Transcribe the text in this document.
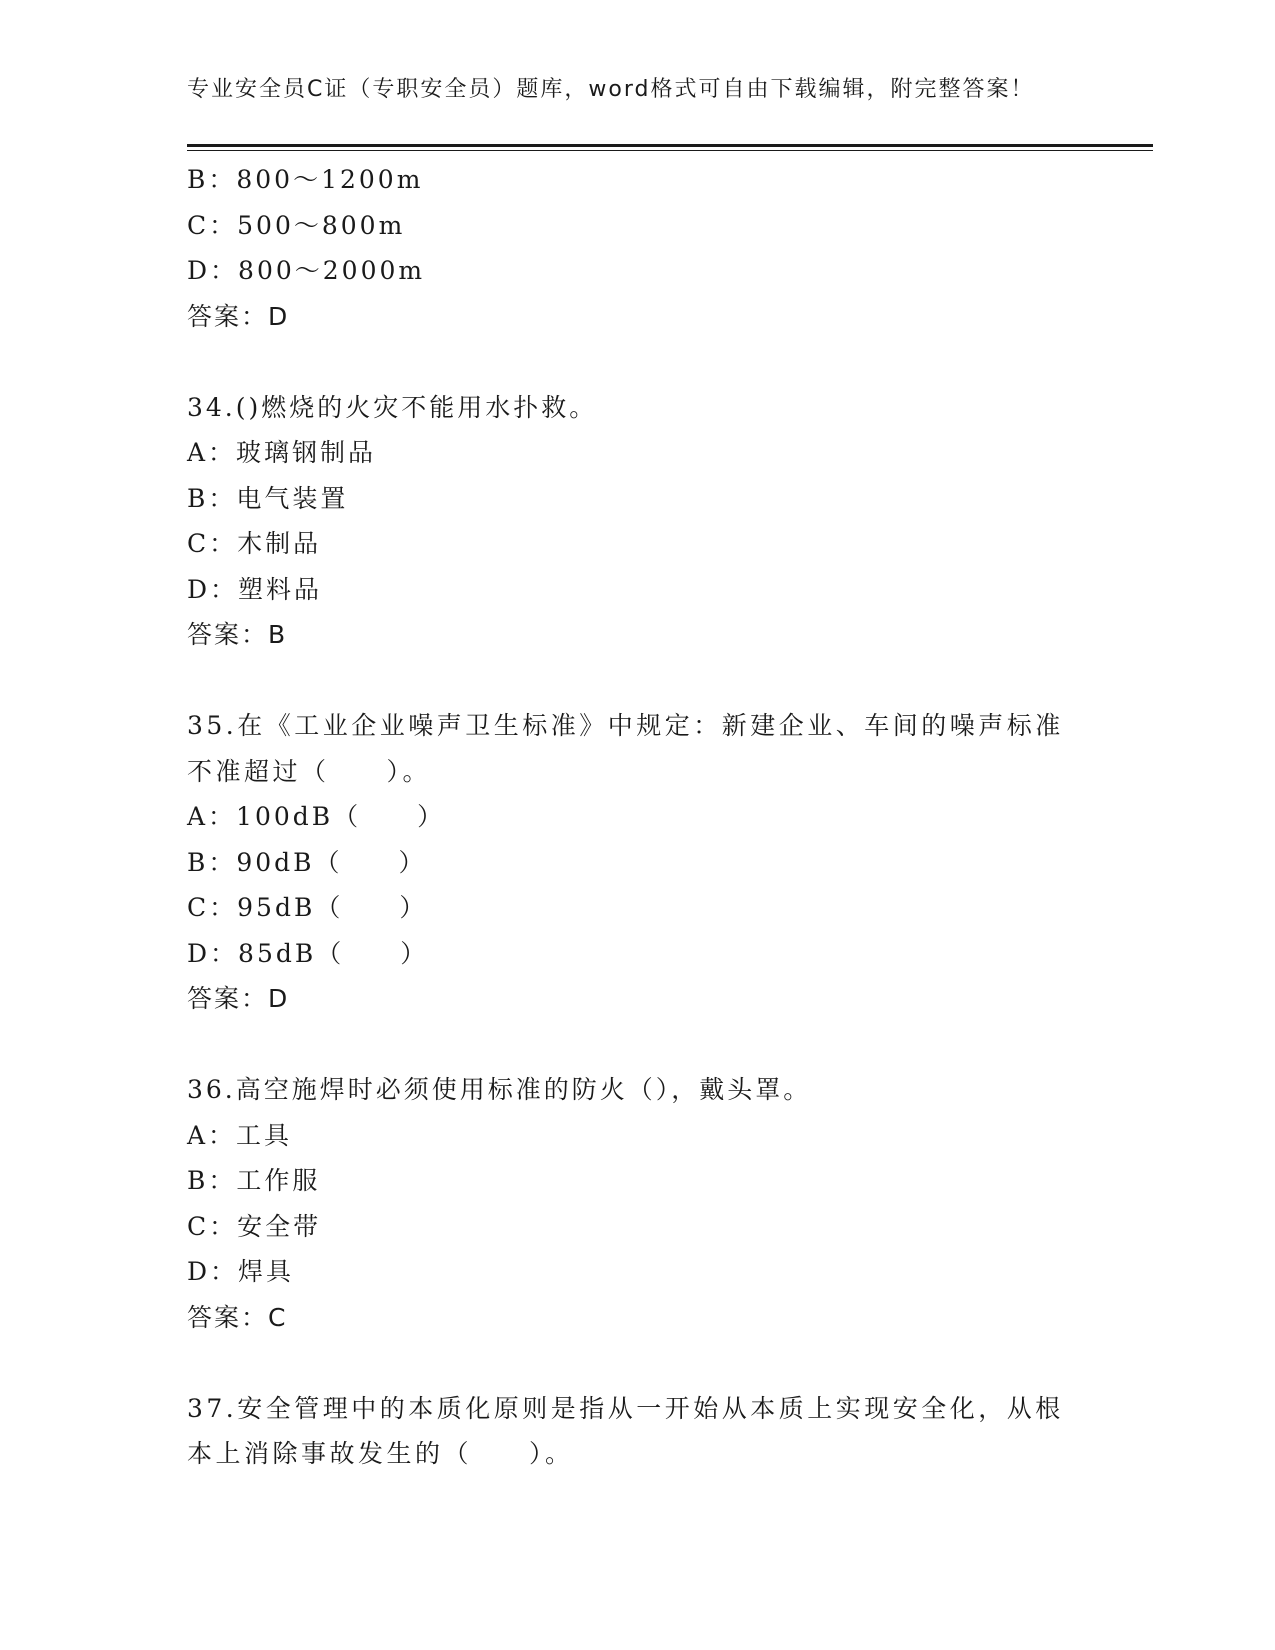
专业安全员C证（专职安全员）题库，word格式可自由下载编辑，附完整答案！
B：800～1200m
C：500～800m
D：800～2000m
答案：D
34.()燃烧的火灾不能用水扑救。
A：玻璃钢制品
B：电气装置
C：木制品
D：塑料品
答案：B
35.在《工业企业噪声卫生标准》中规定：新建企业、车间的噪声标准
不准超过（　　）。
A：100dB（　　）
B：90dB（　　）
C：95dB（　　）
D：85dB（　　）
答案：D
36.高空施焊时必须使用标准的防火（），戴头罩。
A：工具
B：工作服
C：安全带
D：焊具
答案：C
37.安全管理中的本质化原则是指从一开始从本质上实现安全化，从根
本上消除事故发生的（　　）。
